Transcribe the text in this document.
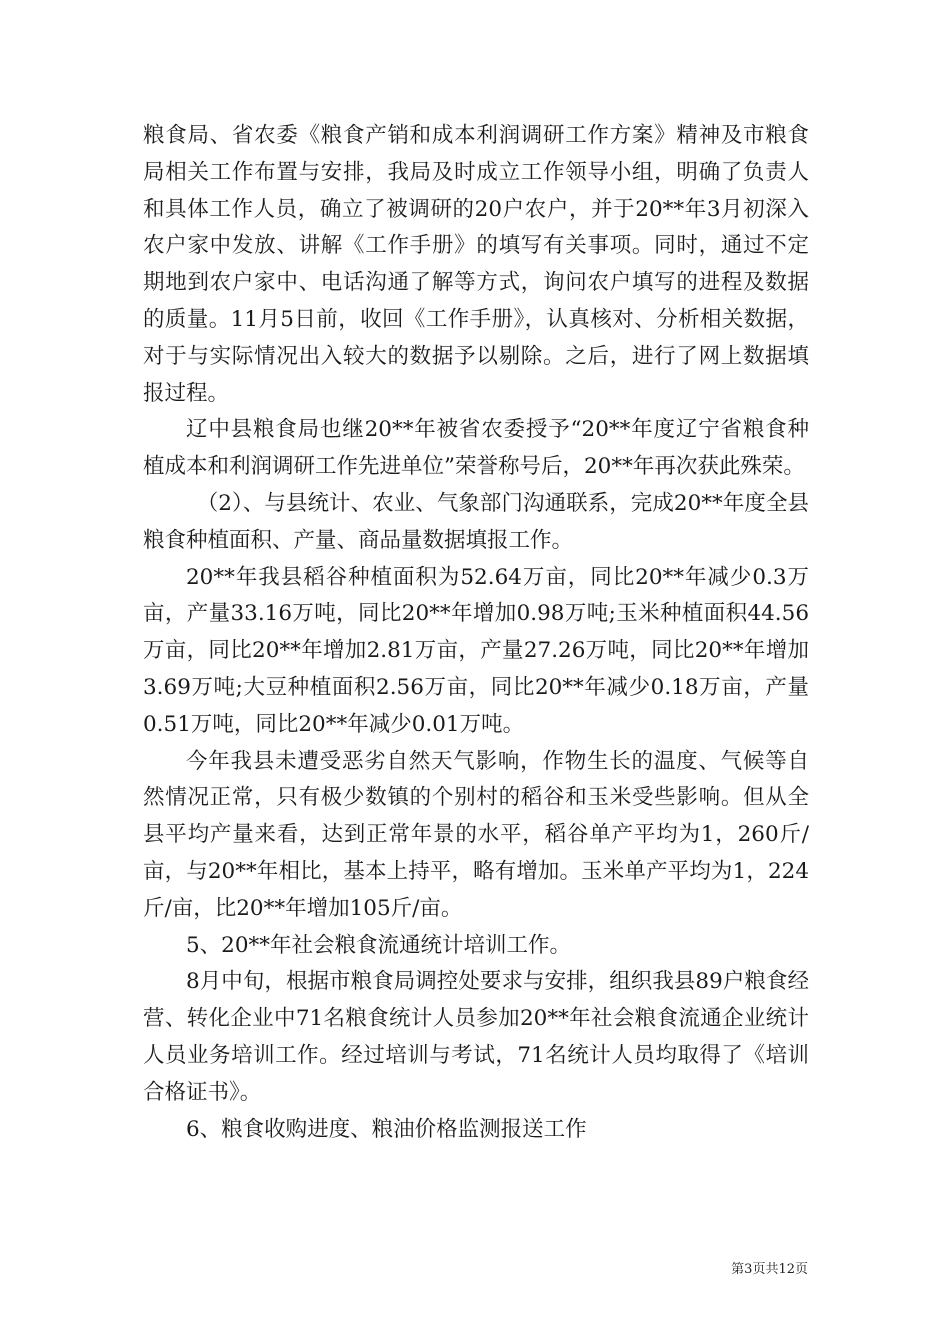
粮食局、省农委《粮食产销和成本利润调研工作方案》精神及市粮食局相关工作布置与安排，我局及时成立工作领导小组，明确了负责人和具体工作人员，确立了被调研的20户农户，并于20**年3月初深入农户家中发放、讲解《工作手册》的填写有关事项。同时，通过不定期地到农户家中、电话沟通了解等方式，询问农户填写的进程及数据的质量。11月5日前，收回《工作手册》，认真核对、分析相关数据，对于与实际情况出入较大的数据予以剔除。之后，进行了网上数据填报过程。

辽中县粮食局也继20**年被省农委授予“20**年度辽宁省粮食种植成本和利润调研工作先进单位”荣誉称号后，20**年再次获此殊荣。

（2）、与县统计、农业、气象部门沟通联系，完成20**年度全县粮食种植面积、产量、商品量数据填报工作。

20**年我县稻谷种植面积为52.64万亩，同比20**年减少0.3万亩，产量33.16万吨，同比20**年增加0.98万吨;玉米种植面积44.56万亩，同比20**年增加2.81万亩，产量27.26万吨，同比20**年增加3.69万吨;大豆种植面积2.56万亩，同比20**年减少0.18万亩，产量0.51万吨，同比20**年减少0.01万吨。

今年我县未遭受恶劣自然天气影响，作物生长的温度、气候等自然情况正常，只有极少数镇的个别村的稻谷和玉米受些影响。但从全县平均产量来看，达到正常年景的水平，稻谷单产平均为1，260斤/亩，与20**年相比，基本上持平，略有增加。玉米单产平均为1，224斤/亩，比20**年增加105斤/亩。

5、20**年社会粮食流通统计培训工作。

8月中旬，根据市粮食局调控处要求与安排，组织我县89户粮食经营、转化企业中71名粮食统计人员参加20**年社会粮食流通企业统计人员业务培训工作。经过培训与考试，71名统计人员均取得了《培训合格证书》。

6、粮食收购进度、粮油价格监测报送工作

第3页共12页
